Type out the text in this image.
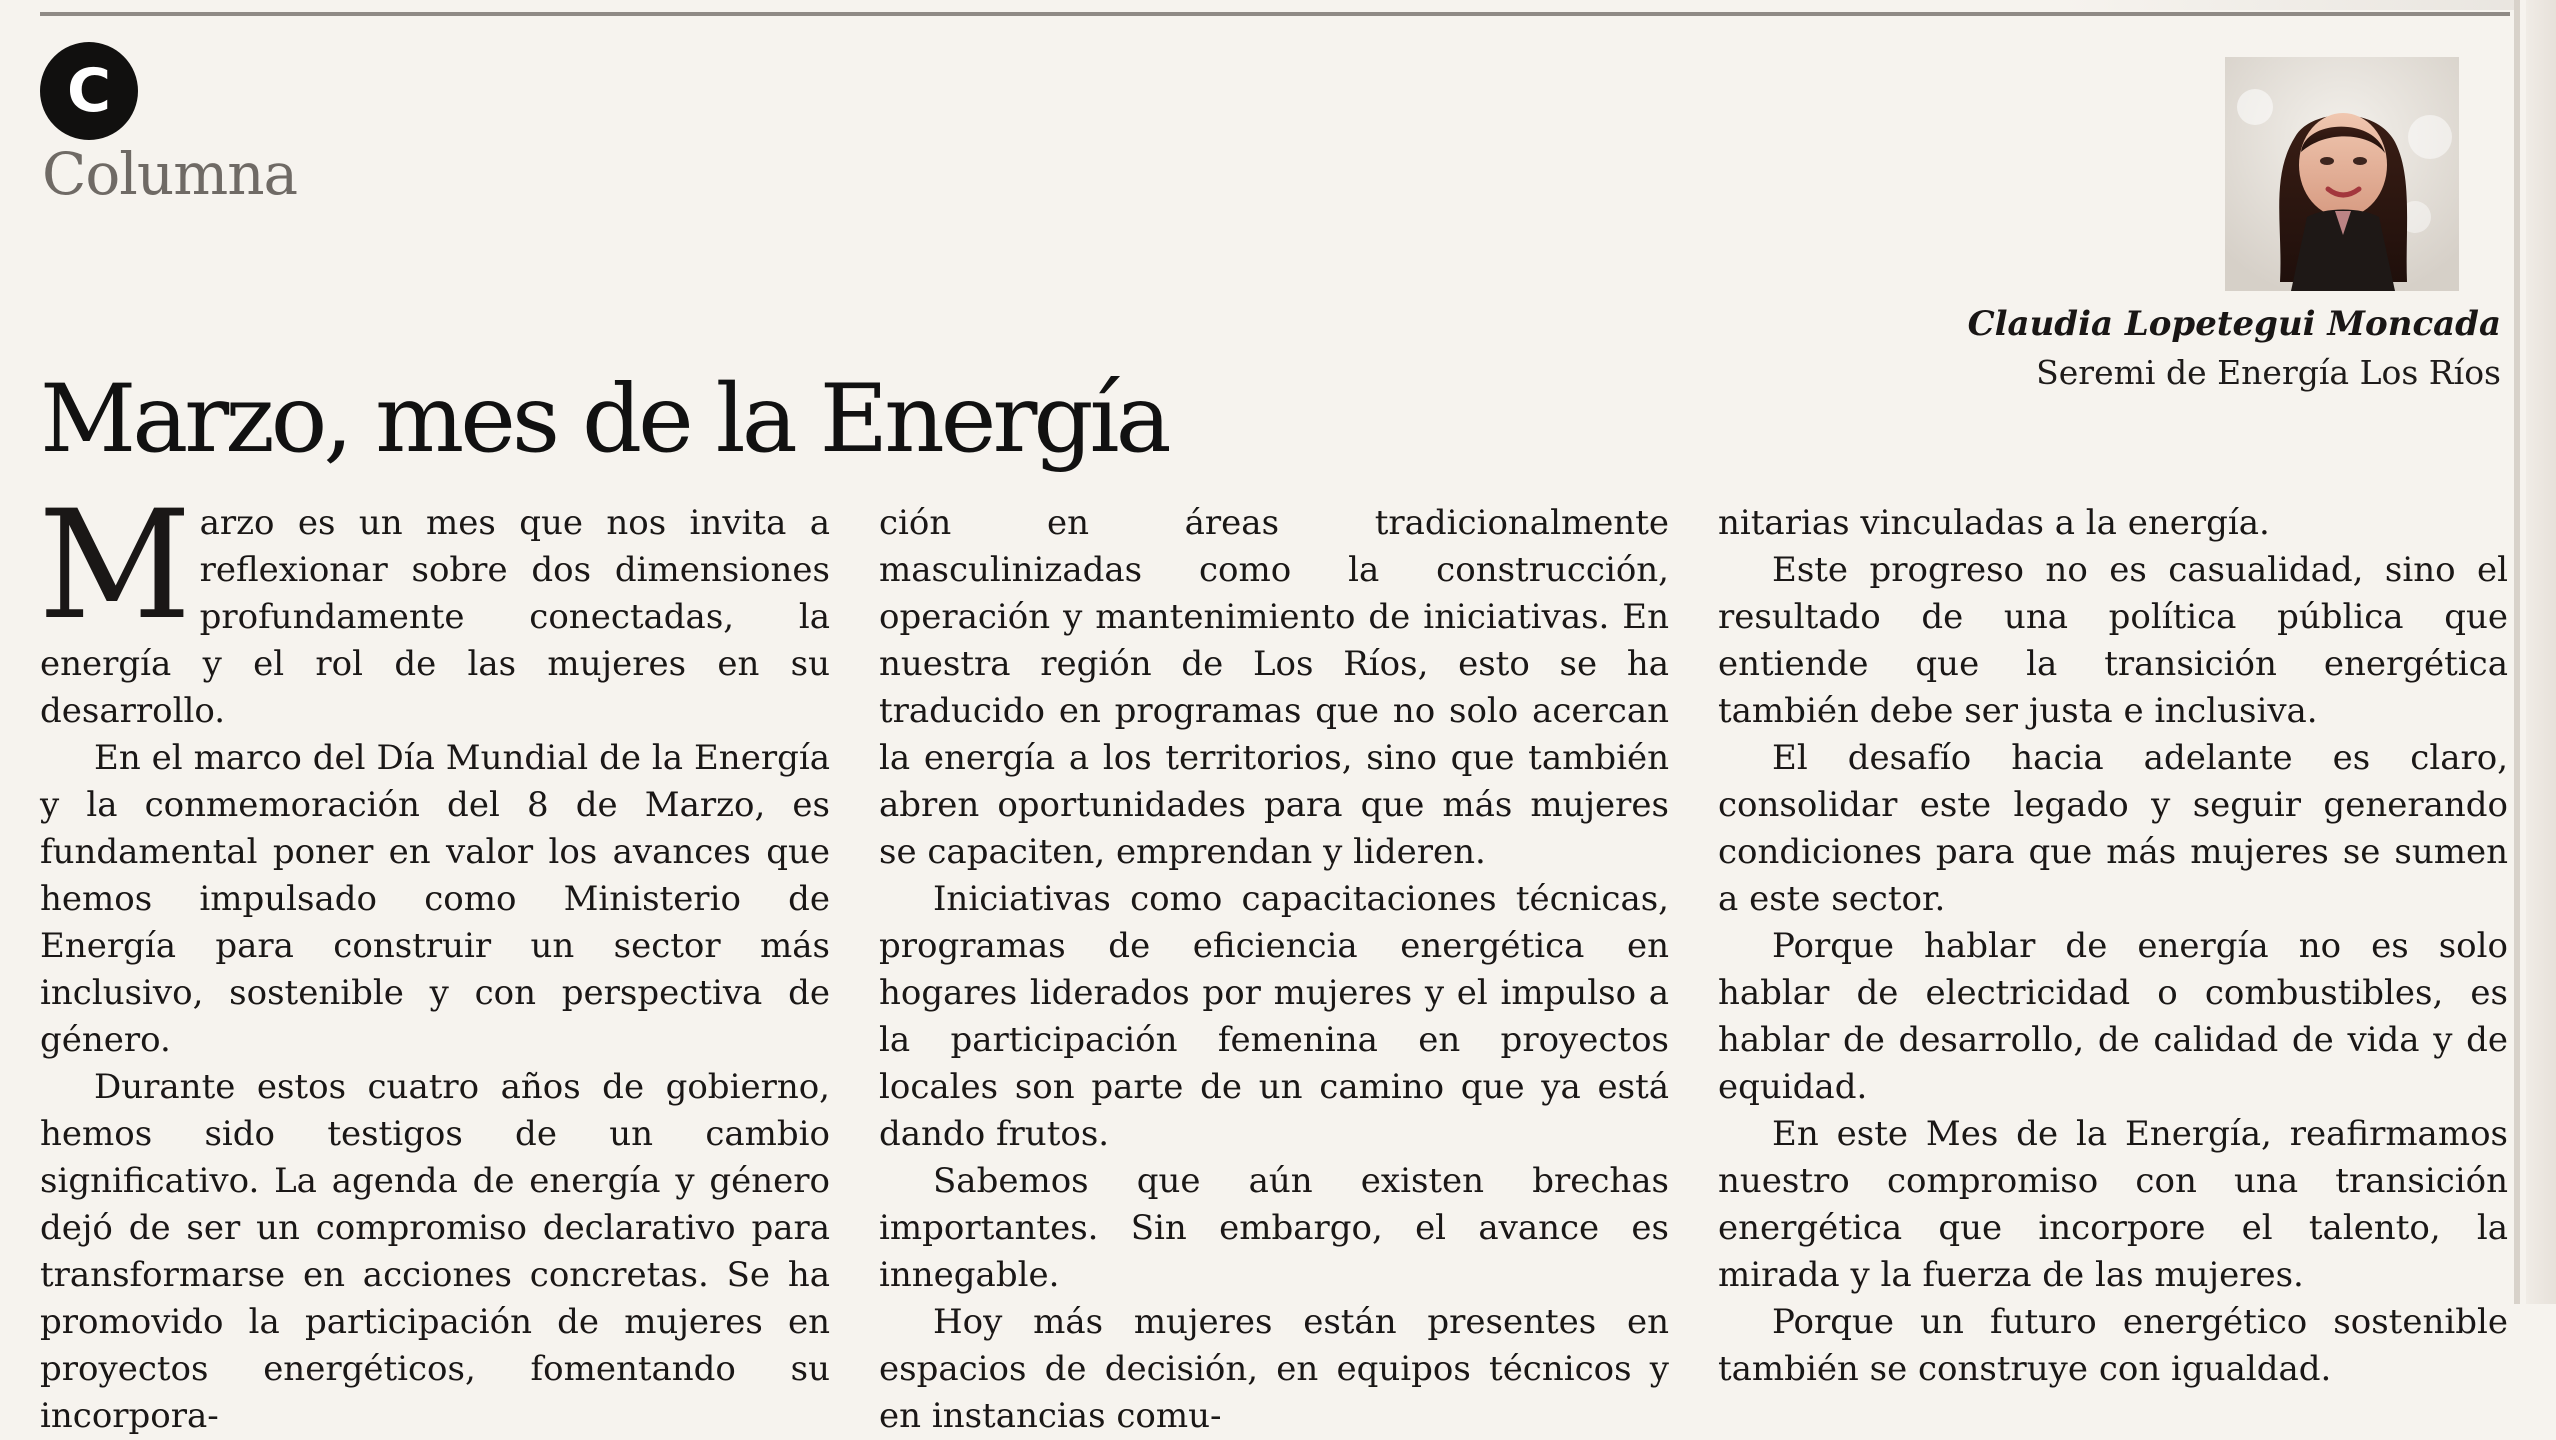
C
Columna
Marzo, mes de la Energía
Claudia Lopetegui Moncada
Seremi de Energía Los Ríos

Marzo es un mes que nos invita a reflexionar sobre dos dimensiones profundamente conectadas, la energía y el rol de las mujeres en su desarrollo.

En el marco del Día Mundial de la Energía y la conmemoración del 8 de Marzo, es fundamental poner en valor los avances que hemos impulsado como Ministerio de Energía para construir un sector más inclusivo, sostenible y con perspectiva de género.

Durante estos cuatro años de gobierno, hemos sido testigos de un cambio significativo. La agenda de energía y género dejó de ser un compromiso declarativo para transformarse en acciones concretas. Se ha promovido la participación de mujeres en proyectos energéticos, fomentando su incorpora-

ción en áreas tradicionalmente masculinizadas como la construcción, operación y mantenimiento de iniciativas. En nuestra región de Los Ríos, esto se ha traducido en programas que no solo acercan la energía a los territorios, sino que también abren oportunidades para que más mujeres se capaciten, emprendan y lideren.

Iniciativas como capacitaciones técnicas, programas de eficiencia energética en hogares liderados por mujeres y el impulso a la participación femenina en proyectos locales son parte de un camino que ya está dando frutos.

Sabemos que aún existen brechas importantes. Sin embargo, el avance es innegable.

Hoy más mujeres están presentes en espacios de decisión, en equipos técnicos y en instancias comu-

nitarias vinculadas a la energía.

Este progreso no es casualidad, sino el resultado de una política pública que entiende que la transición energética también debe ser justa e inclusiva.

El desafío hacia adelante es claro, consolidar este legado y seguir generando condiciones para que más mujeres se sumen a este sector.

Porque hablar de energía no es solo hablar de electricidad o combustibles, es hablar de desarrollo, de calidad de vida y de equidad.

En este Mes de la Energía, reafirmamos nuestro compromiso con una transición energética que incorpore el talento, la mirada y la fuerza de las mujeres.

Porque un futuro energético sostenible también se construye con igualdad.
